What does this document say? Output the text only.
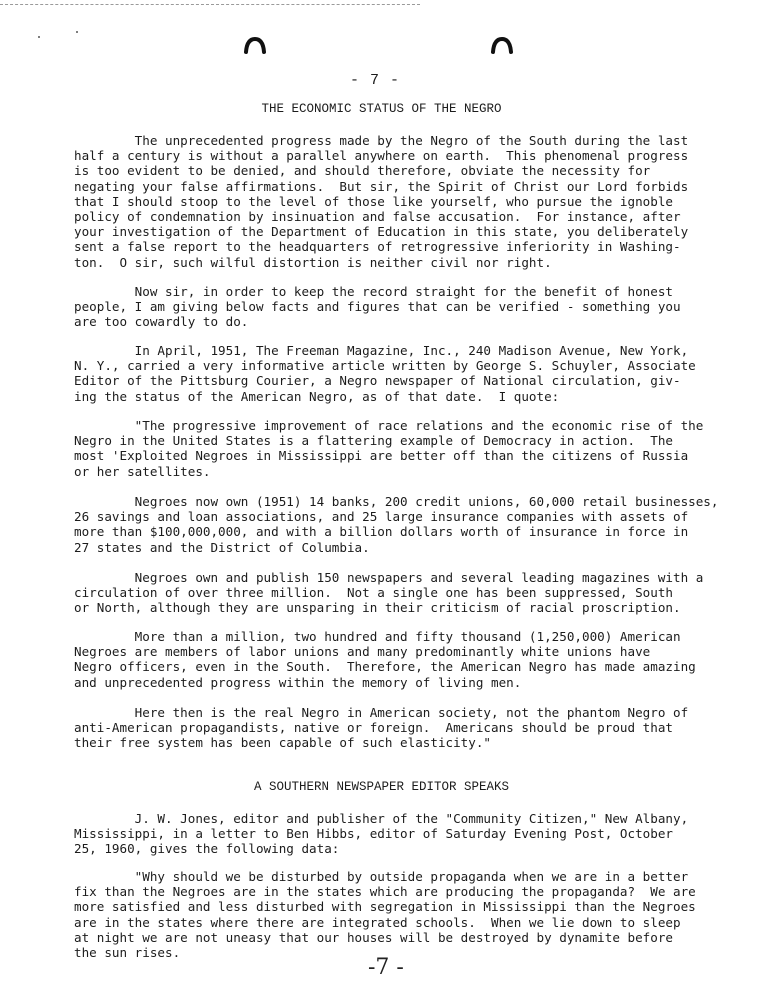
- 7 -
THE ECONOMIC STATUS OF THE NEGRO
The unprecedented progress made by the Negro of the South during the last
half a century is without a parallel anywhere on earth.  This phenomenal progress
is too evident to be denied, and should therefore, obviate the necessity for
negating your false affirmations.  But sir, the Spirit of Christ our Lord forbids
that I should stoop to the level of those like yourself, who pursue the ignoble
policy of condemnation by insinuation and false accusation.  For instance, after
your investigation of the Department of Education in this state, you deliberately
sent a false report to the headquarters of retrogressive inferiority in Washing-
ton.  O sir, such wilful distortion is neither civil nor right.
Now sir, in order to keep the record straight for the benefit of honest
people, I am giving below facts and figures that can be verified - something you
are too cowardly to do.
In April, 1951, The Freeman Magazine, Inc., 240 Madison Avenue, New York,
N. Y., carried a very informative article written by George S. Schuyler, Associate
Editor of the Pittsburg Courier, a Negro newspaper of National circulation, giv-
ing the status of the American Negro, as of that date.  I quote:
"The progressive improvement of race relations and the economic rise of the
Negro in the United States is a flattering example of Democracy in action.  The
most 'Exploited Negroes in Mississippi are better off than the citizens of Russia
or her satellites.
Negroes now own (1951) 14 banks, 200 credit unions, 60,000 retail businesses,
26 savings and loan associations, and 25 large insurance companies with assets of
more than $100,000,000, and with a billion dollars worth of insurance in force in
27 states and the District of Columbia.
Negroes own and publish 150 newspapers and several leading magazines with a
circulation of over three million.  Not a single one has been suppressed, South
or North, although they are unsparing in their criticism of racial proscription.
More than a million, two hundred and fifty thousand (1,250,000) American
Negroes are members of labor unions and many predominantly white unions have
Negro officers, even in the South.  Therefore, the American Negro has made amazing
and unprecedented progress within the memory of living men.
Here then is the real Negro in American society, not the phantom Negro of
anti-American propagandists, native or foreign.  Americans should be proud that
their free system has been capable of such elasticity."
A SOUTHERN NEWSPAPER EDITOR SPEAKS
J. W. Jones, editor and publisher of the "Community Citizen," New Albany,
Mississippi, in a letter to Ben Hibbs, editor of Saturday Evening Post, October
25, 1960, gives the following data:
"Why should we be disturbed by outside propaganda when we are in a better
fix than the Negroes are in the states which are producing the propaganda?  We are
more satisfied and less disturbed with segregation in Mississippi than the Negroes
are in the states where there are integrated schools.  When we lie down to sleep
at night we are not uneasy that our houses will be destroyed by dynamite before
the sun rises.
-7 -
